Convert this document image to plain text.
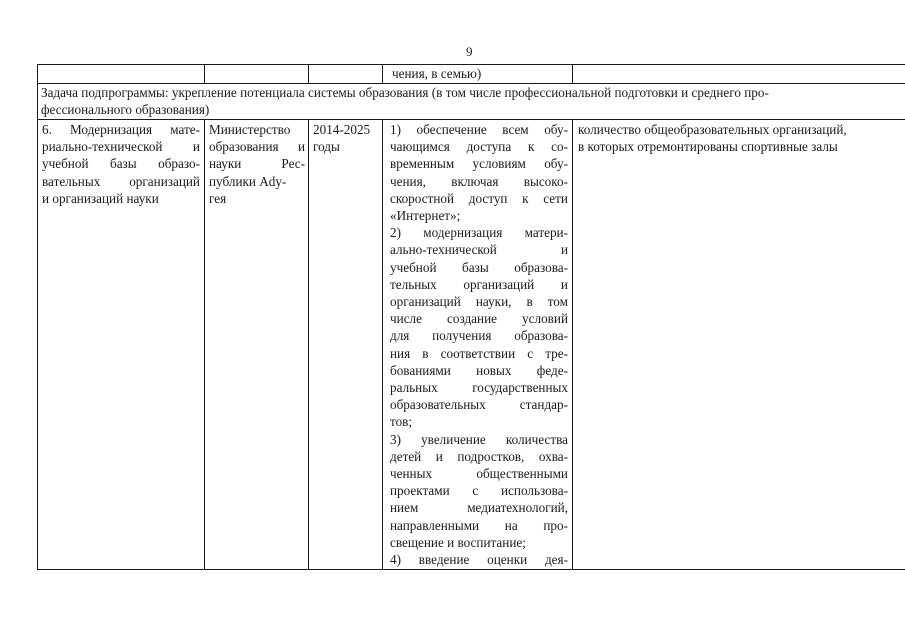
9
чения, в семью)
Задача подпрограммы: укрепление потенциала системы образования (в том числе профессиональной подготовки и среднего про-
фессионального образования)
6. Модернизация мате-
риально-технической и
учебной базы образо-
вательных организаций
и организаций науки
Министерство
образования и
науки Рес-
публики Ady-
гея
2014-2025
годы
1) обеспечение всем обу-
чающимся доступа к со-
временным условиям обу-
чения, включая высоко-
скоростной доступ к сети
«Интернет»;
2) модернизация матери-
ально-технической и
учебной базы образова-
тельных организаций и
организаций науки, в том
числе создание условий
для получения образова-
ния в соответствии с тре-
бованиями новых феде-
ральных государственных
образовательных стандар-
тов;
3) увеличение количества
детей и подростков, охва-
ченных общественными
проектами с использова-
нием медиатехнологий,
направленными на про-
свещение и воспитание;
4) введение оценки дея-
количество общеобразовательных организаций,
в которых отремонтированы спортивные залы
